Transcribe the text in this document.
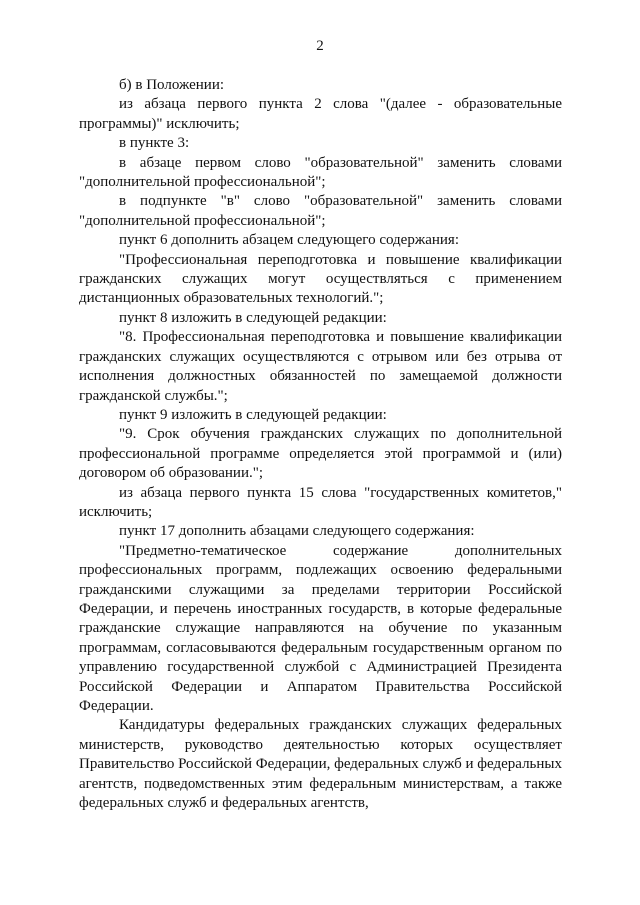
2

б) в Положении:

из абзаца первого пункта 2 слова "(далее - образовательные программы)" исключить;

в пункте 3:

в абзаце первом слово "образовательной" заменить словами "дополнительной профессиональной";

в подпункте "в" слово "образовательной" заменить словами "дополнительной профессиональной";

пункт 6 дополнить абзацем следующего содержания:

"Профессиональная переподготовка и повышение квалификации гражданских служащих могут осуществляться с применением дистанционных образовательных технологий.";

пункт 8 изложить в следующей редакции:

"8. Профессиональная переподготовка и повышение квалификации гражданских служащих осуществляются с отрывом или без отрыва от исполнения должностных обязанностей по замещаемой должности гражданской службы.";

пункт 9 изложить в следующей редакции:

"9. Срок обучения гражданских служащих по дополнительной профессиональной программе определяется этой программой и (или) договором об образовании.";

из абзаца первого пункта 15 слова "государственных комитетов," исключить;

пункт 17 дополнить абзацами следующего содержания:

"Предметно-тематическое содержание дополнительных профессиональных программ, подлежащих освоению федеральными гражданскими служащими за пределами территории Российской Федерации, и перечень иностранных государств, в которые федеральные гражданские служащие направляются на обучение по указанным программам, согласовываются федеральным государственным органом по управлению государственной службой с Администрацией Президента Российской Федерации и Аппаратом Правительства Российской Федерации.

Кандидатуры федеральных гражданских служащих федеральных министерств, руководство деятельностью которых осуществляет Правительство Российской Федерации, федеральных служб и федеральных агентств, подведомственных этим федеральным министерствам, а также федеральных служб и федеральных агентств,
